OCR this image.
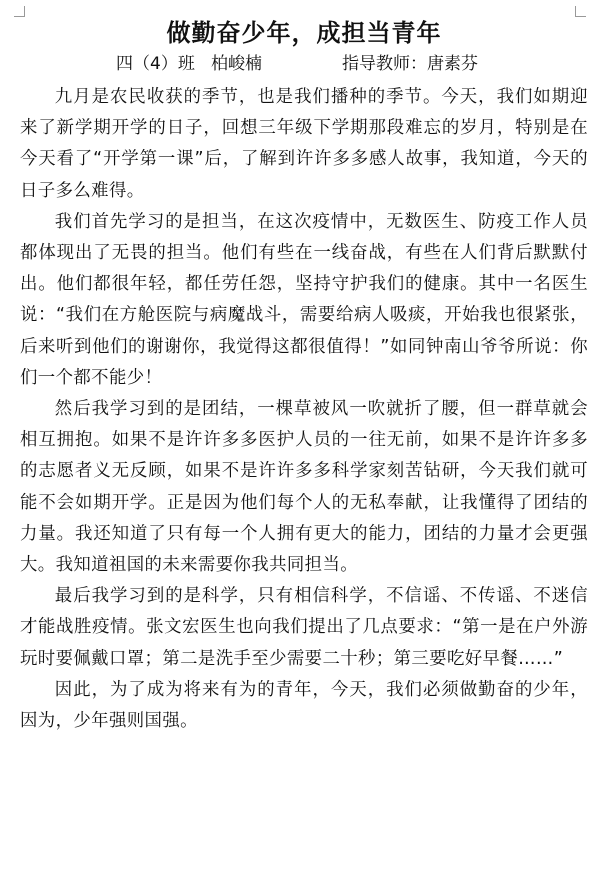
做勤奋少年，成担当青年
四（4）班   柏峻楠	指导教师：唐素芬

九月是农民收获的季节，也是我们播种的季节。今天，我们如期迎来了新学期开学的日子，回想三年级下学期那段难忘的岁月，特别是在今天看了“开学第一课”后，了解到许许多多感人故事，我知道，今天的日子多么难得。

我们首先学习的是担当，在这次疫情中，无数医生、防疫工作人员都体现出了无畏的担当。他们有些在一线奋战，有些在人们背后默默付出。他们都很年轻，都任劳任怨，坚持守护我们的健康。其中一名医生说：“我们在方舱医院与病魔战斗，需要给病人吸痰，开始我也很紧张，后来听到他们的谢谢你，我觉得这都很值得！”如同钟南山爷爷所说：你们一个都不能少！

然后我学习到的是团结，一棵草被风一吹就折了腰，但一群草就会相互拥抱。如果不是许许多多医护人员的一往无前，如果不是许许多多的志愿者义无反顾，如果不是许许多多科学家刻苦钻研，今天我们就可能不会如期开学。正是因为他们每个人的无私奉献，让我懂得了团结的力量。我还知道了只有每一个人拥有更大的能力，团结的力量才会更强大。我知道祖国的未来需要你我共同担当。

最后我学习到的是科学，只有相信科学，不信谣、不传谣、不迷信才能战胜疫情。张文宏医生也向我们提出了几点要求：“第一是在户外游玩时要佩戴口罩；第二是洗手至少需要二十秒；第三要吃好早餐……”

因此，为了成为将来有为的青年，今天，我们必须做勤奋的少年，因为，少年强则国强。
